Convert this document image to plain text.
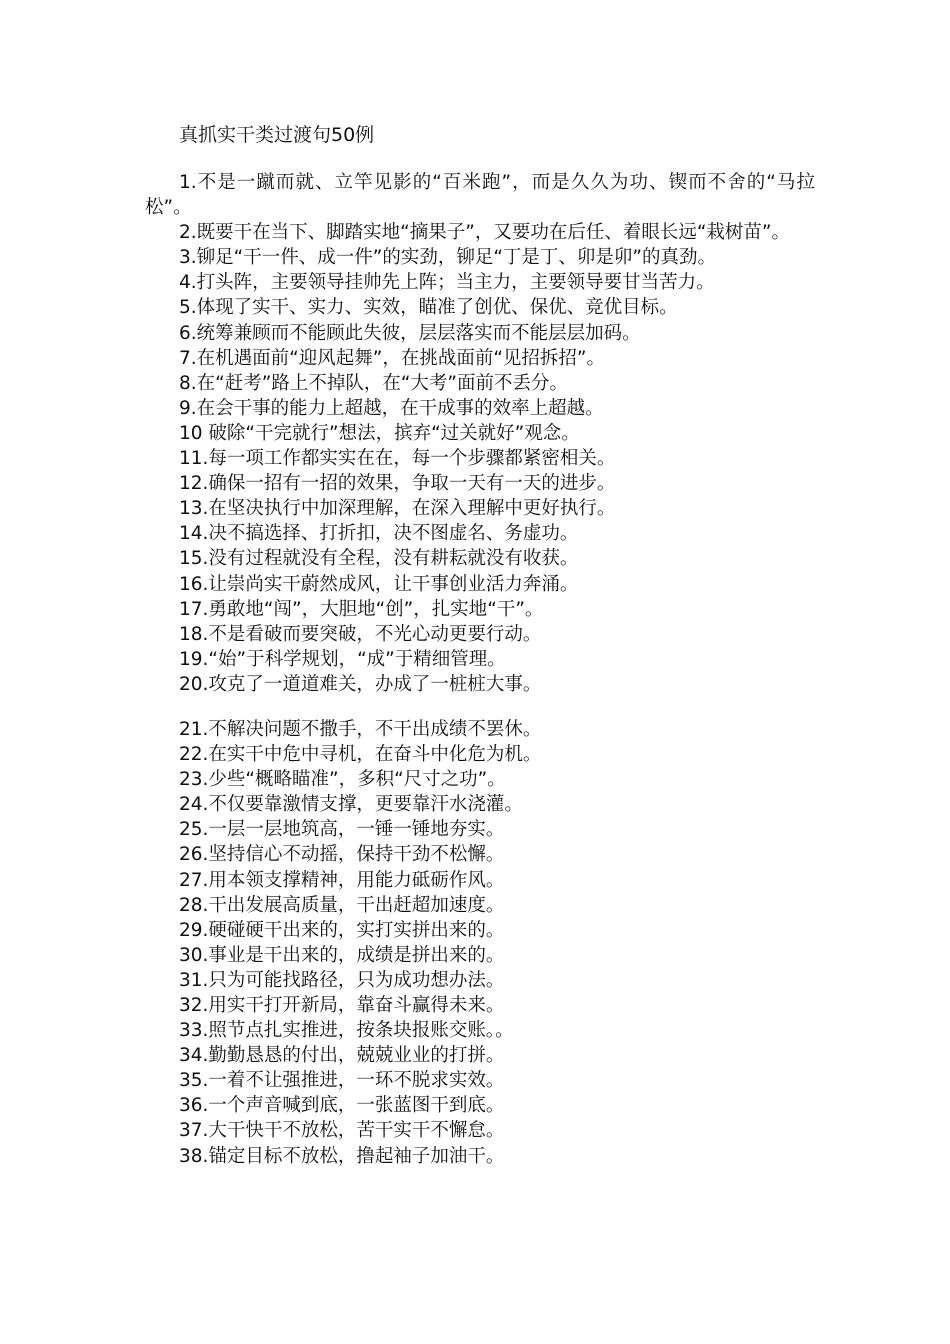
真抓实干类过渡句50例

1.不是一蹴而就、立竿见影的“百米跑”，而是久久为功、锲而不舍的“马拉松”。

2.既要干在当下、脚踏实地“摘果子”，又要功在后任、着眼长远“栽树苗”。

3.铆足“干一件、成一件”的实劲，铆足“丁是丁、卯是卯”的真劲。

4.打头阵，主要领导挂帅先上阵；当主力，主要领导要甘当苦力。

5.体现了实干、实力、实效，瞄准了创优、保优、竞优目标。

6.统筹兼顾而不能顾此失彼，层层落实而不能层层加码。

7.在机遇面前“迎风起舞”，在挑战面前“见招拆招”。

8.在“赶考”路上不掉队，在“大考”面前不丢分。

9.在会干事的能力上超越，在干成事的效率上超越。

10 破除“干完就行”想法，摈弃“过关就好”观念。

11.每一项工作都实实在在，每一个步骤都紧密相关。

12.确保一招有一招的效果，争取一天有一天的进步。

13.在坚决执行中加深理解，在深入理解中更好执行。

14.决不搞选择、打折扣，决不图虚名、务虚功。

15.没有过程就没有全程，没有耕耘就没有收获。

16.让崇尚实干蔚然成风，让干事创业活力奔涌。

17.勇敢地“闯”，大胆地“创”，扎实地“干”。

18.不是看破而要突破，不光心动更要行动。

19.“始”于科学规划，“成”于精细管理。

20.攻克了一道道难关，办成了一桩桩大事。

21.不解决问题不撒手，不干出成绩不罢休。

22.在实干中危中寻机，在奋斗中化危为机。

23.少些“概略瞄准”，多积“尺寸之功”。

24.不仅要靠激情支撑，更要靠汗水浇灌。

25.一层一层地筑高，一锤一锤地夯实。

26.坚持信心不动摇，保持干劲不松懈。

27.用本领支撑精神，用能力砥砺作风。

28.干出发展高质量，干出赶超加速度。

29.硬碰硬干出来的，实打实拼出来的。

30.事业是干出来的，成绩是拼出来的。

31.只为可能找路径，只为成功想办法。

32.用实干打开新局，靠奋斗赢得未来。

33.照节点扎实推进，按条块报账交账。。

34.勤勤恳恳的付出，兢兢业业的打拼。

35.一着不让强推进，一环不脱求实效。

36.一个声音喊到底，一张蓝图干到底。

37.大干快干不放松，苦干实干不懈怠。

38.锚定目标不放松，撸起袖子加油干。
